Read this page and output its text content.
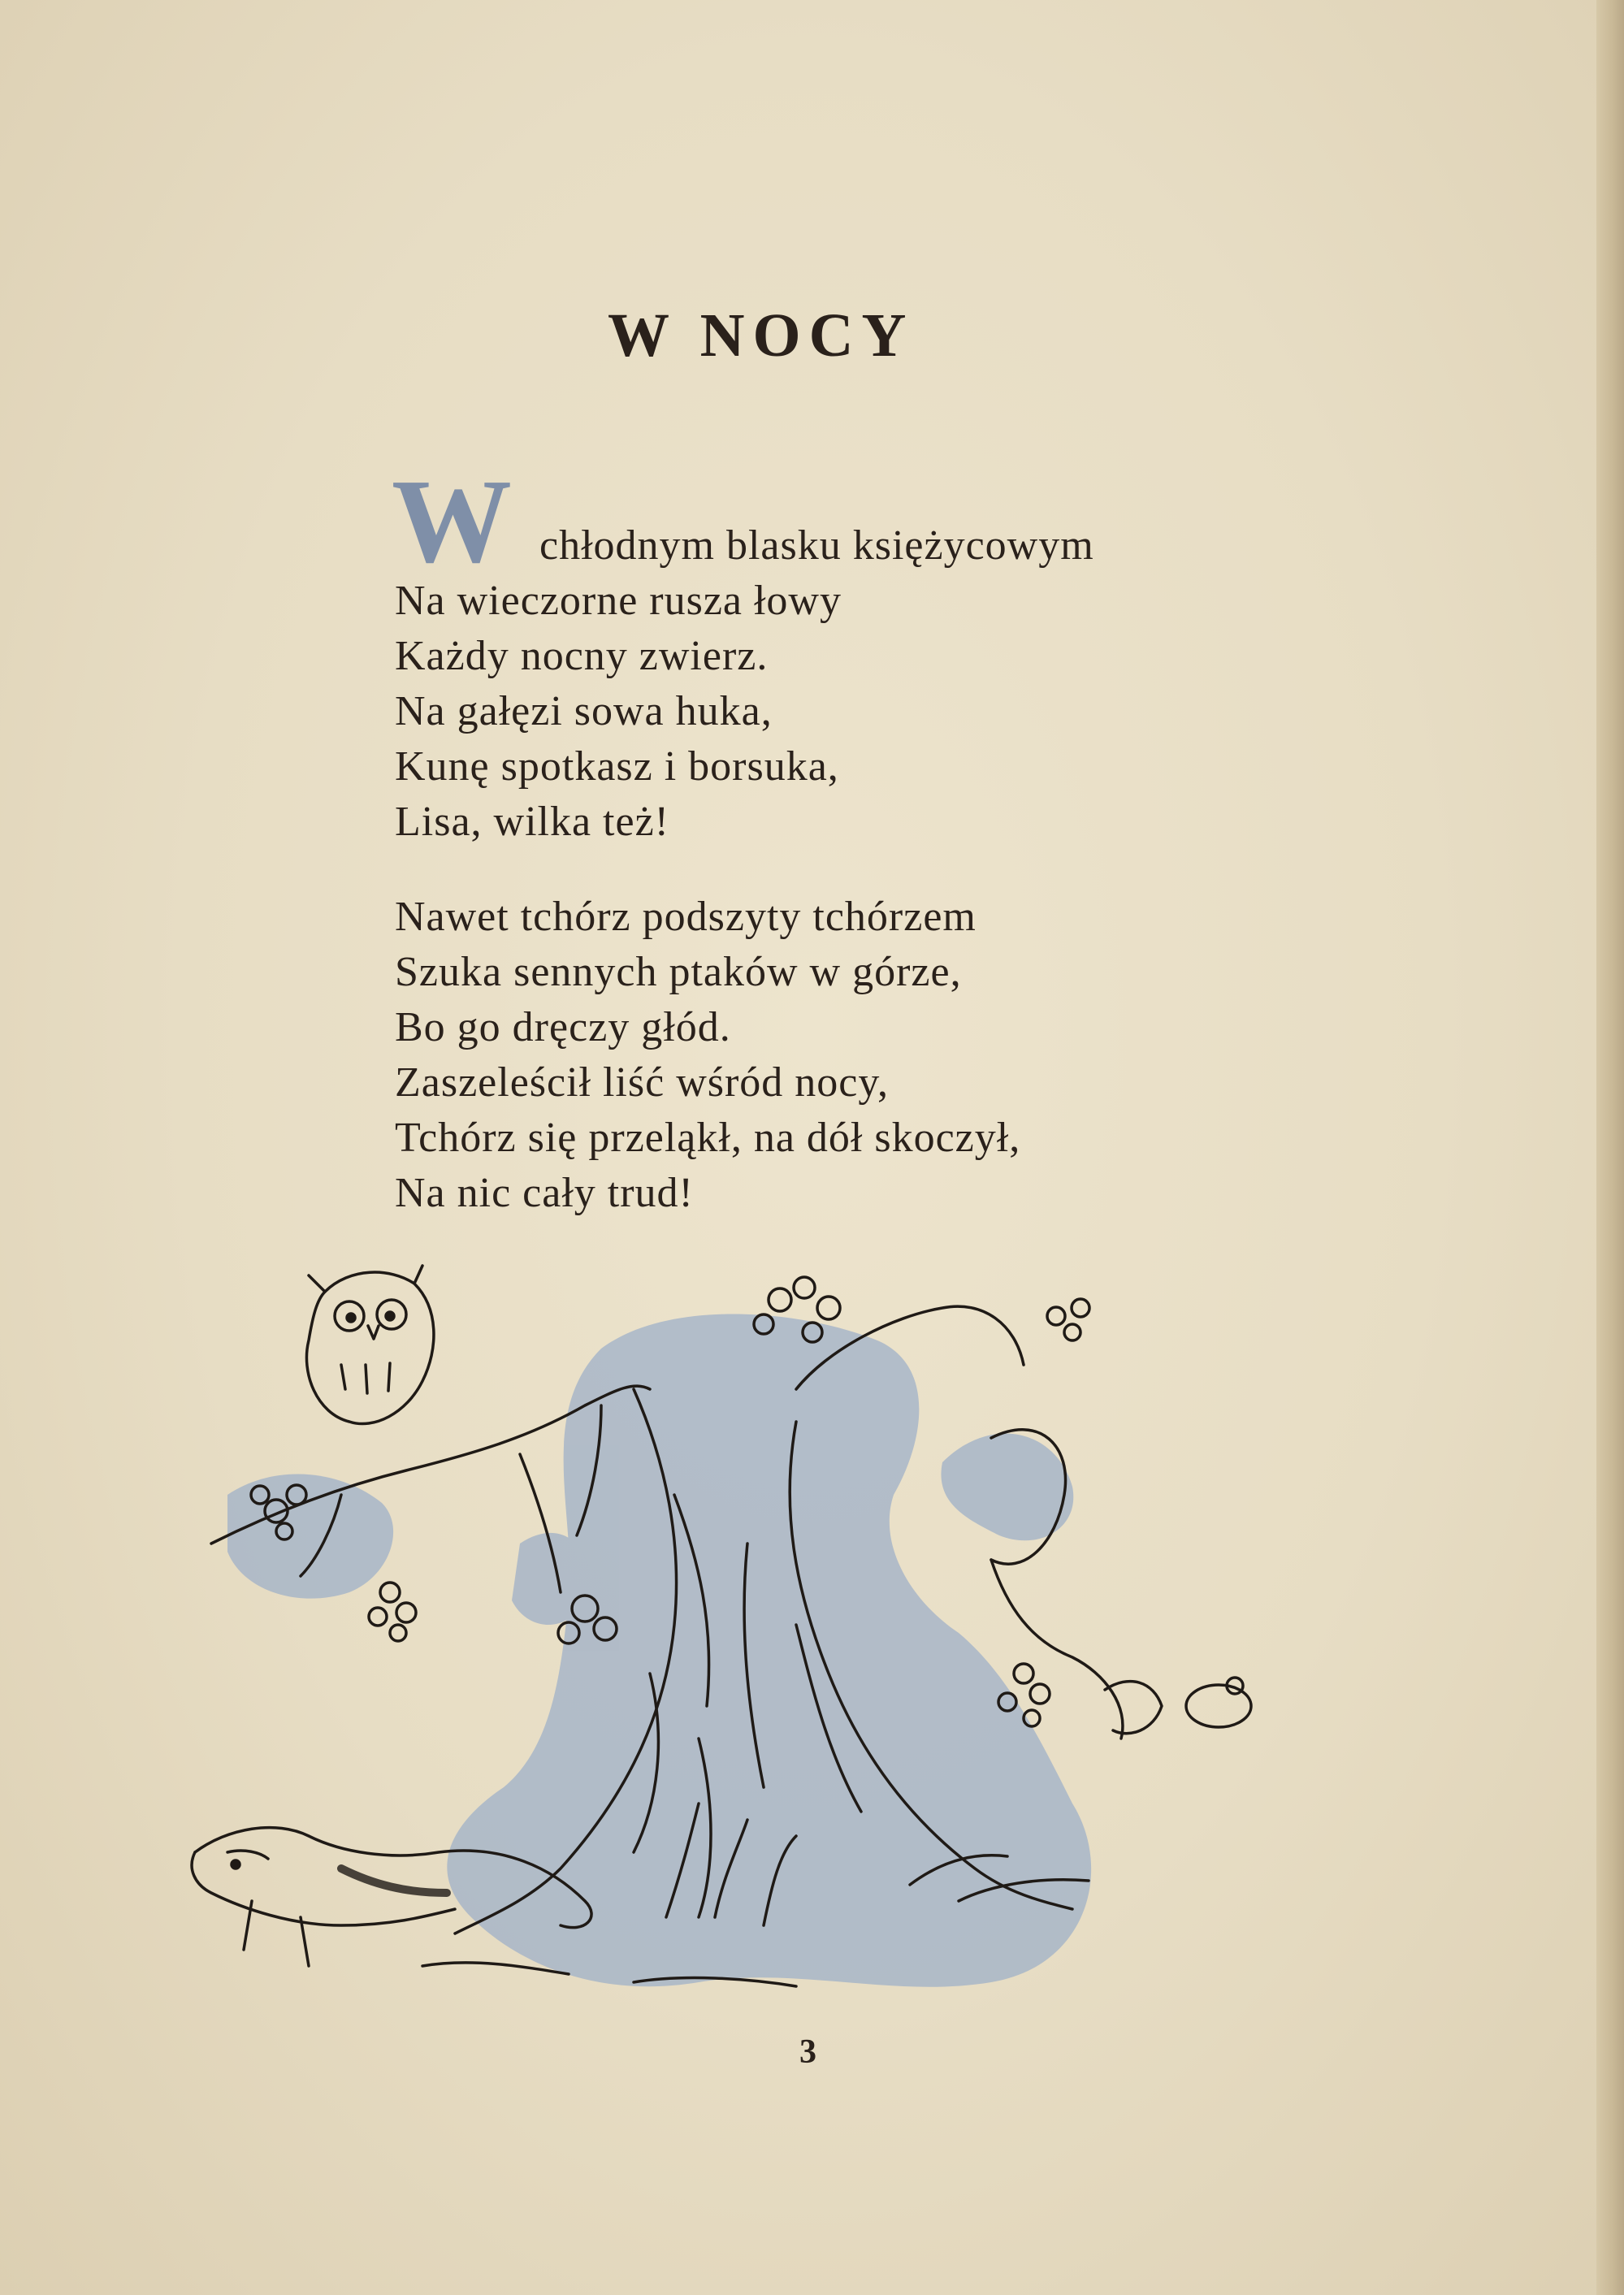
W NOCY
W chłodnym blasku księżycowym
Na wieczorne rusza łowy
Każdy nocny zwierz.
Na gałęzi sowa huka,
Kunę spotkasz i borsuka,
Lisa, wilka też!
Nawet tchórz podszyty tchórzem
Szuka sennych ptaków w górze,
Bo go dręczy głód.
Zaszeleścił liść wśród nocy,
Tchórz się przeląkł, na dół skoczył,
Na nic cały trud!
3
